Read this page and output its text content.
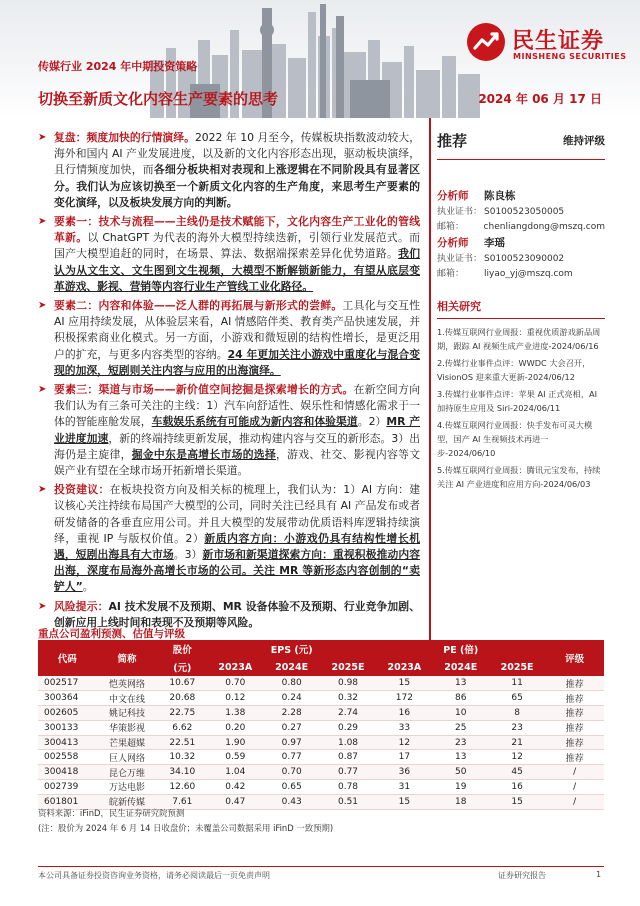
民生证券
MINSHENG SECURITIES
传媒行业 2024 年中期投资策略
切换至新质文化内容生产要素的思考	2024 年 06 月 17 日
➤ 复盘：频度加快的行情演绎。2022 年 10 月至今，传媒板块指数波动较大，海外和国内 AI 产业发展进度，以及新的文化内容形态出现，驱动板块演绎，且行情频度加快，而各细分板块相对表现和上涨逻辑在不同阶段具有显著区分。我们认为应该切换至一个新质文化内容的生产角度，来思考生产要素的变化演绎，以及板块发展方向的判断。
➤ 要素一：技术与流程——主线仍是技术赋能下，文化内容生产工业化的管线革新。以 ChatGPT 为代表的海外大模型持续迭新，引领行业发展范式。而国产大模型追赶的同时，在场景、算法、数据端探索差异化优势道路。我们认为从文生文、文生图到文生视频，大模型不断解锁新能力，有望从底层变革游戏、影视、营销等内容行业生产管线工业化路径。
➤ 要素二：内容和体验——泛人群的再拓展与新形式的尝鲜。工具化与交互性 AI 应用持续发展，从体验层来看，AI 情感陪伴类、教育类产品快速发展，并积极探索商业化模式。另一方面，小游戏和微短剧的结构性增长，是更泛用户的扩充，与更多内容类型的容纳。24 年更加关注小游戏中重度化与混合变现的加深，短剧则关注内容与应用的出海演绎。
➤ 要素三：渠道与市场——新价值空间挖掘是探索增长的方式。在新空间方向我们认为有三条可关注的主线：1）汽车向舒适性、娱乐性和情感化需求于一体的智能座舱发展，车载娱乐系统有可能成为新内容和体验渠道。2）MR 产业进度加速，新的终端持续更新发展，推动构建内容与交互的新形态。3）出海仍是主旋律，掘金中东是高增长市场的选择，游戏、社交、影视内容等文娱产业有望在全球市场开拓新增长渠道。
➤ 投资建议：在板块投资方向及相关标的梳理上，我们认为：1）AI 方向：建议核心关注持续布局国产大模型的公司，同时关注已经具有 AI 产品发布或者研发储备的各垂直应用公司。并且大模型的发展带动优质语料库逻辑持续演绎，重视 IP 与版权价值。2）新质内容方向：小游戏仍具有结构性增长机遇，短剧出海具有大市场。3）新市场和新渠道探索方向：重视积极推动内容出海，深度布局海外高增长市场的公司。关注 MR 等新形态内容创制的“卖铲人”。
➤ 风险提示：AI 技术发展不及预期、MR 设备体验不及预期、行业竞争加剧、创新应用上线时间和表现不及预期等风险。
推荐	维持评级
分析师	陈良栋
执业证书： S0100523050005
邮箱：	chenliangdong@mszq.com
分析师	李瑶
执业证书： S0100523090002
邮箱：	liyao_yj@mszq.com
相关研究
1.传媒互联网行业周报：重视优质游戏新品周期，跟踪 AI 视频生成产业进度-2024/06/16
2.传媒行业事件点评：WWDC 大会召开，VisionOS 迎来重大更新-2024/06/12
3.传媒行业事件点评：苹果 AI 正式亮相，AI 加持原生应用及 Siri-2024/06/11
4.传媒互联网行业周报：快手发布可灵大模型，国产 AI 生视频技术再进一步-2024/06/10
5.传媒互联网行业周报：腾讯元宝发布，持续关注 AI 产业进度和应用方向-2024/06/03
重点公司盈利预测、估值与评级
代码	简称	股价	EPS (元)			PE (倍)			评级
		(元)	2023A	2024E	2025E	2023A	2024E	2025E	
002517	恺英网络	10.67	0.70	0.80	0.98	15	13	11	推荐
300364	中文在线	20.68	0.12	0.24	0.32	172	86	65	推荐
002605	姚记科技	22.75	1.38	2.28	2.74	16	10	8	推荐
300133	华策影视	6.62	0.20	0.27	0.29	33	25	23	推荐
300413	芒果超媒	22.51	1.90	0.97	1.08	12	23	21	推荐
002558	巨人网络	10.32	0.59	0.77	0.87	17	13	12	推荐
300418	昆仑万维	34.10	1.04	0.70	0.77	36	50	45	/
002739	万达电影	12.60	0.42	0.65	0.78	31	19	16	/
601801	皖新传媒	7.61	0.47	0.43	0.51	15	18	15	/
资料来源：iFinD，民生证券研究院预测
(注：股价为 2024 年 6 月 14 日收盘价；未覆盖公司数据采用 iFinD 一致预期)
本公司具备证券投资咨询业务资格，请务必阅读最后一页免责声明	证券研究报告	1
